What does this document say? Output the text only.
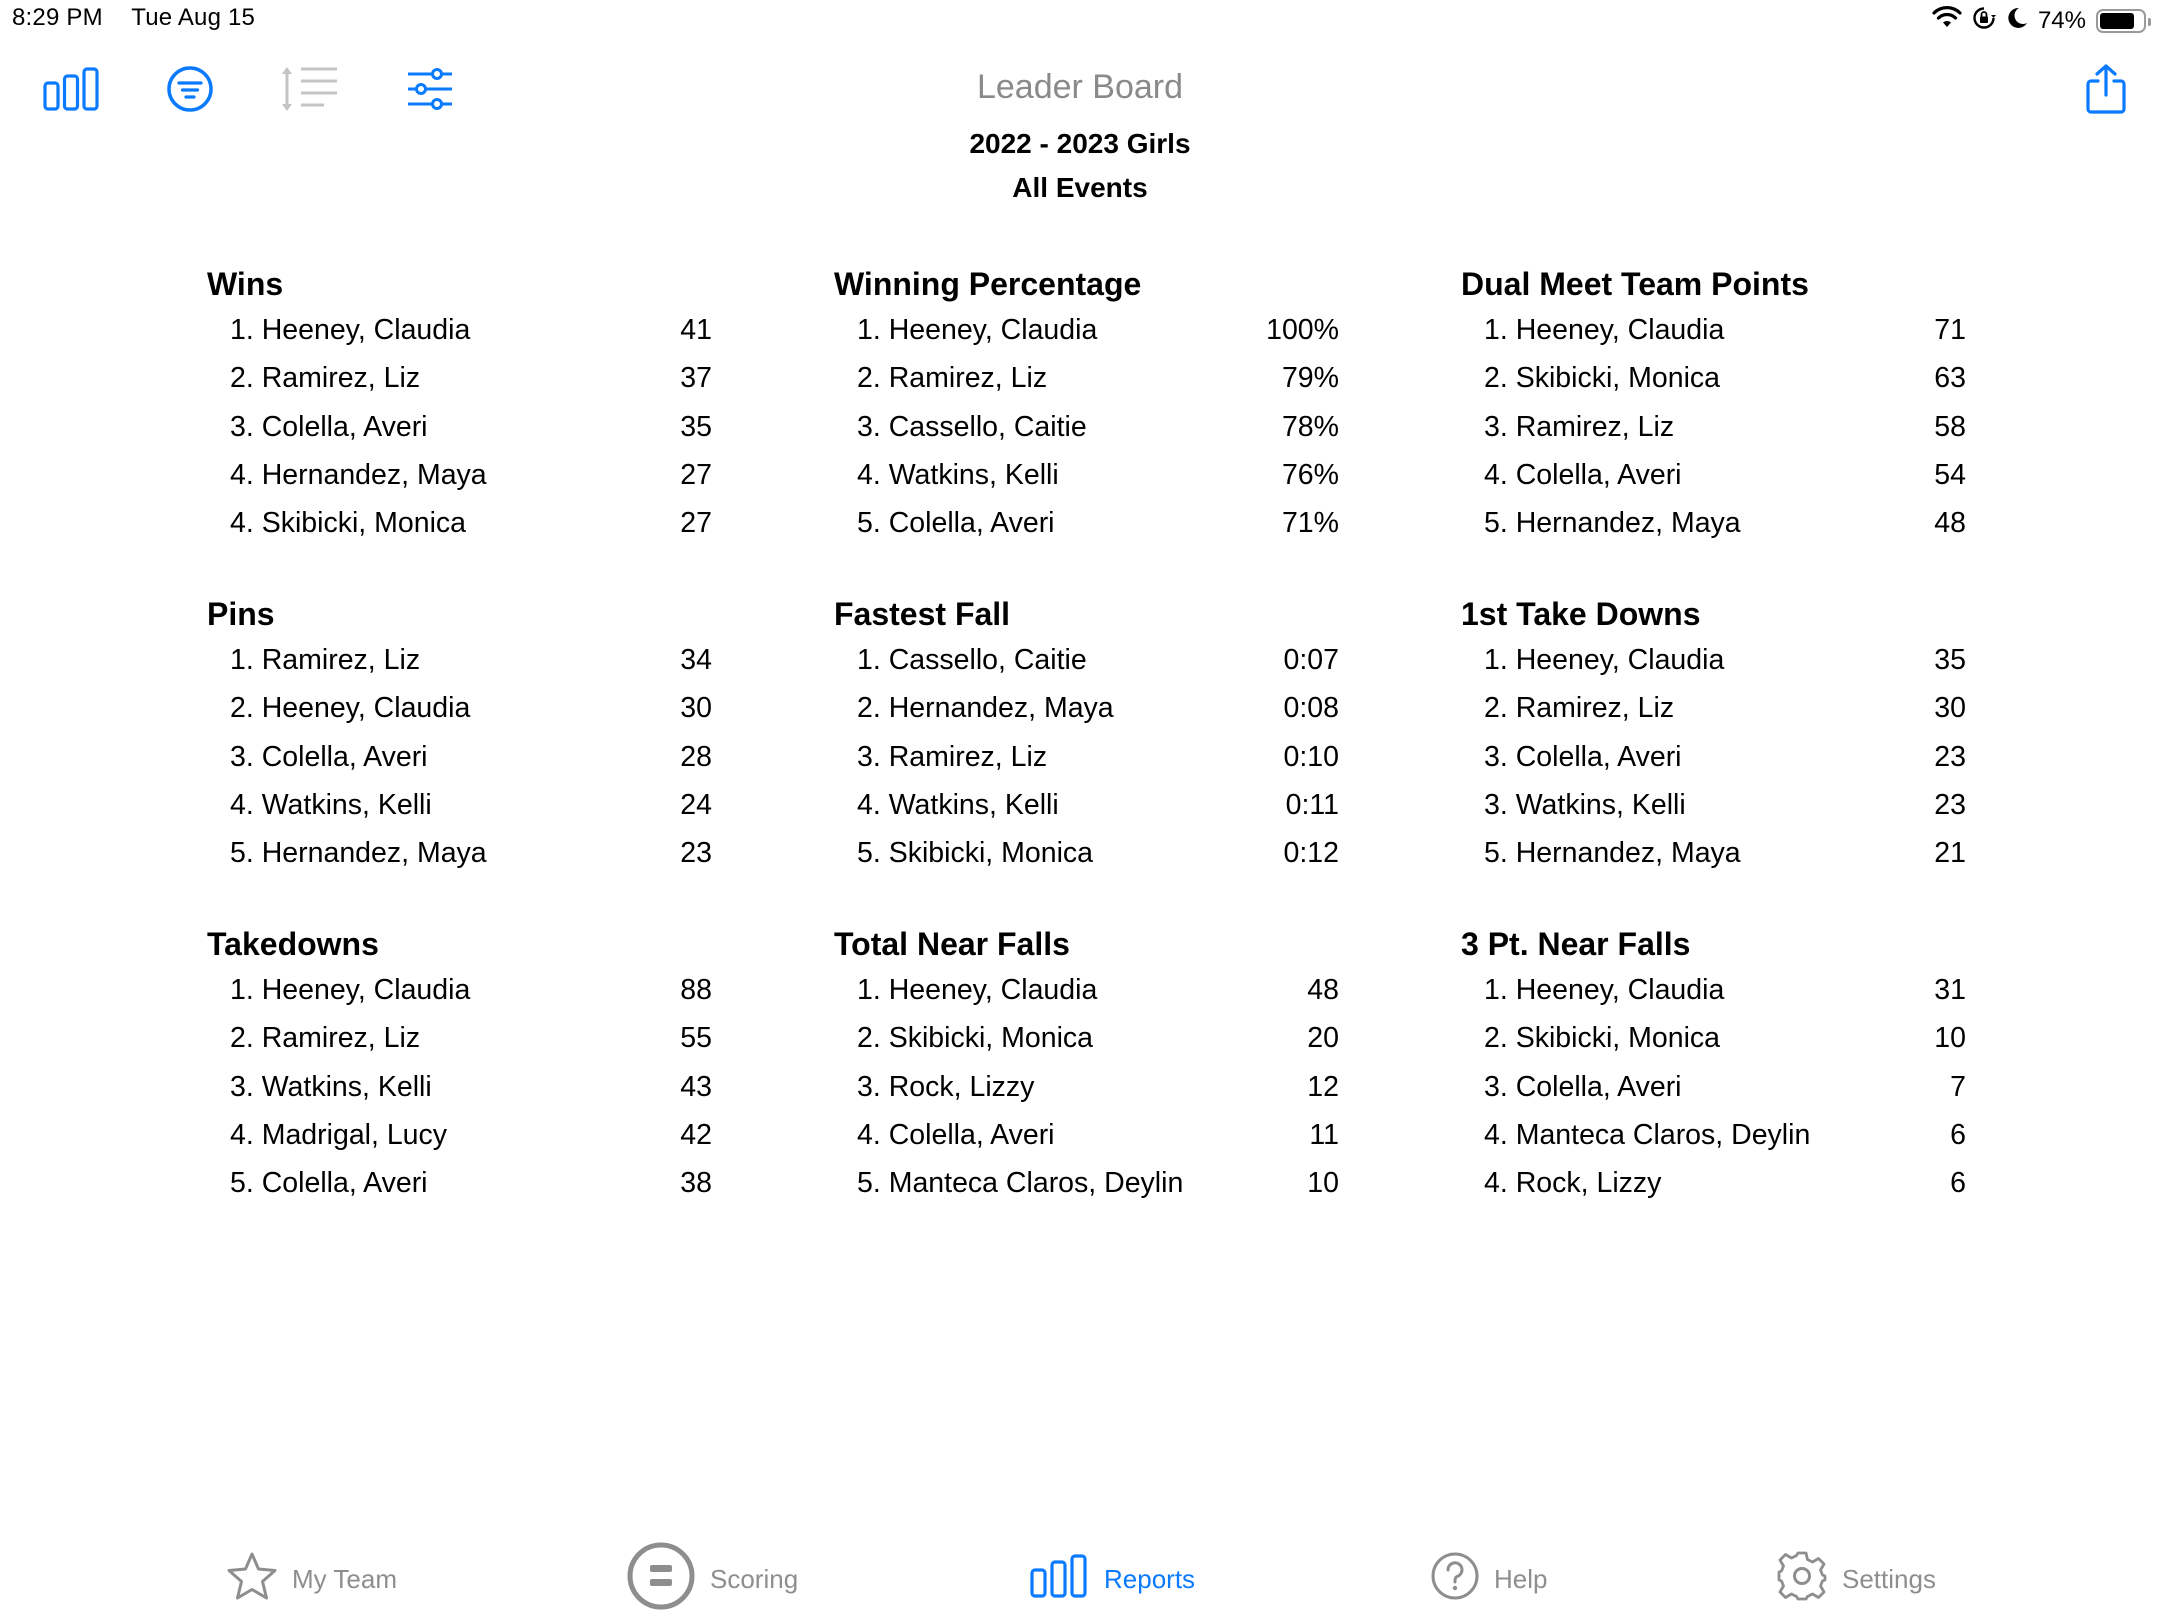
8:29 PM Tue Aug 15	74%
Leader Board
2022 - 2023 Girls
All Events
Wins
1. Heeney, Claudia	41
2. Ramirez, Liz	37
3. Colella, Averi	35
4. Hernandez, Maya	27
4. Skibicki, Monica	27
Winning Percentage
1. Heeney, Claudia	100%
2. Ramirez, Liz	79%
3. Cassello, Caitie	78%
4. Watkins, Kelli	76%
5. Colella, Averi	71%
Dual Meet Team Points
1. Heeney, Claudia	71
2. Skibicki, Monica	63
3. Ramirez, Liz	58
4. Colella, Averi	54
5. Hernandez, Maya	48
Pins
1. Ramirez, Liz	34
2. Heeney, Claudia	30
3. Colella, Averi	28
4. Watkins, Kelli	24
5. Hernandez, Maya	23
Fastest Fall
1. Cassello, Caitie	0:07
2. Hernandez, Maya	0:08
3. Ramirez, Liz	0:10
4. Watkins, Kelli	0:11
5. Skibicki, Monica	0:12
1st Take Downs
1. Heeney, Claudia	35
2. Ramirez, Liz	30
3. Colella, Averi	23
3. Watkins, Kelli	23
5. Hernandez, Maya	21
Takedowns
1. Heeney, Claudia	88
2. Ramirez, Liz	55
3. Watkins, Kelli	43
4. Madrigal, Lucy	42
5. Colella, Averi	38
Total Near Falls
1. Heeney, Claudia	48
2. Skibicki, Monica	20
3. Rock, Lizzy	12
4. Colella, Averi	11
5. Manteca Claros, Deylin	10
3 Pt. Near Falls
1. Heeney, Claudia	31
2. Skibicki, Monica	10
3. Colella, Averi	7
4. Manteca Claros, Deylin	6
4. Rock, Lizzy	6
My Team	Scoring	Reports	Help	Settings
